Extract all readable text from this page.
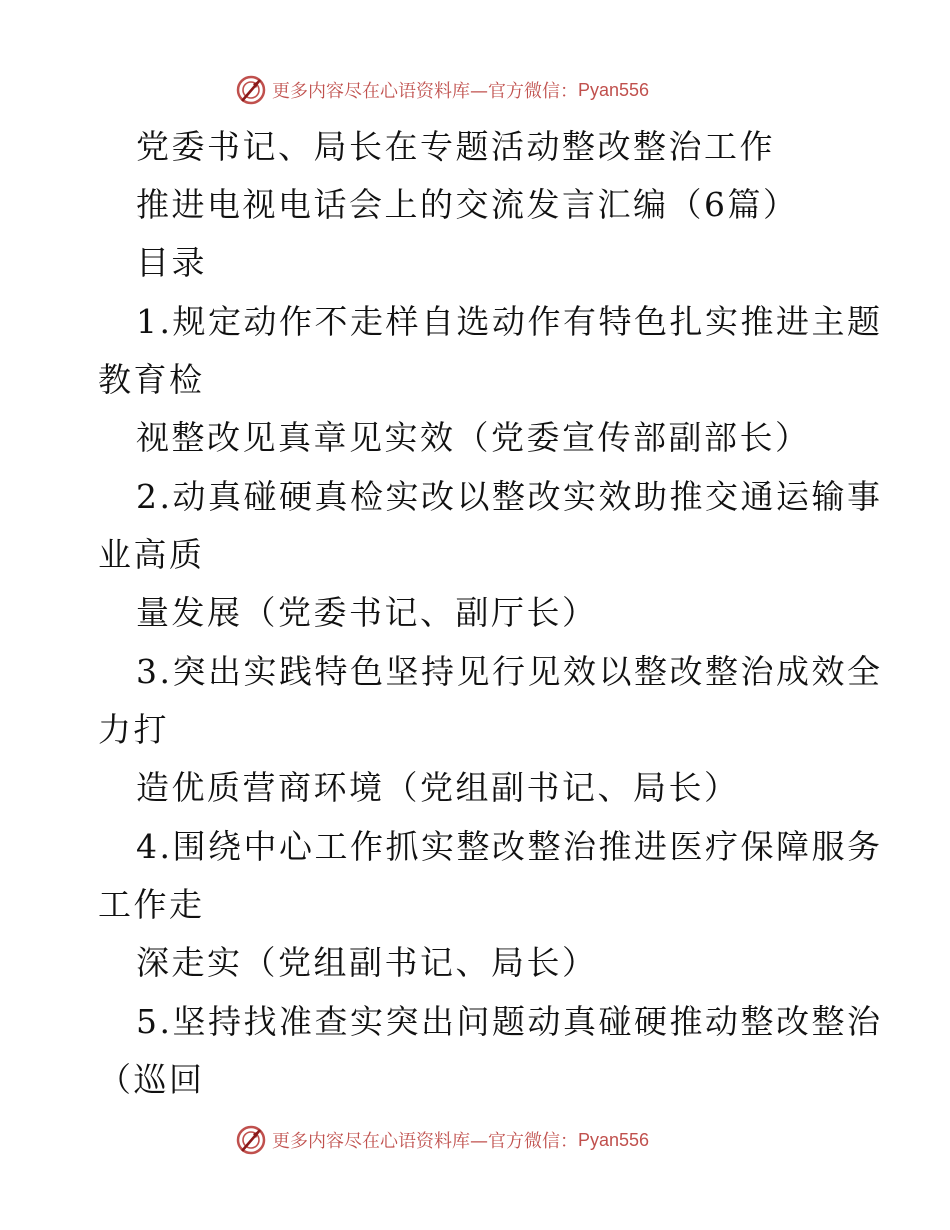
更多内容尽在心语资料库—官方微信： Pyan556
党委书记、局长在专题活动整改整治工作
推进电视电话会上的交流发言汇编（6篇）
目录
1.规定动作不走样自选动作有特色扎实推进主题
教育检
视整改见真章见实效（党委宣传部副部长）
2.动真碰硬真检实改以整改实效助推交通运输事
业高质
量发展（党委书记、副厅长）
3.突出实践特色坚持见行见效以整改整治成效全
力打
造优质营商环境（党组副书记、局长）
4.围绕中心工作抓实整改整治推进医疗保障服务
工作走
深走实（党组副书记、局长）
5.坚持找准查实突出问题动真碰硬推动整改整治
（巡回
更多内容尽在心语资料库—官方微信： Pyan556
